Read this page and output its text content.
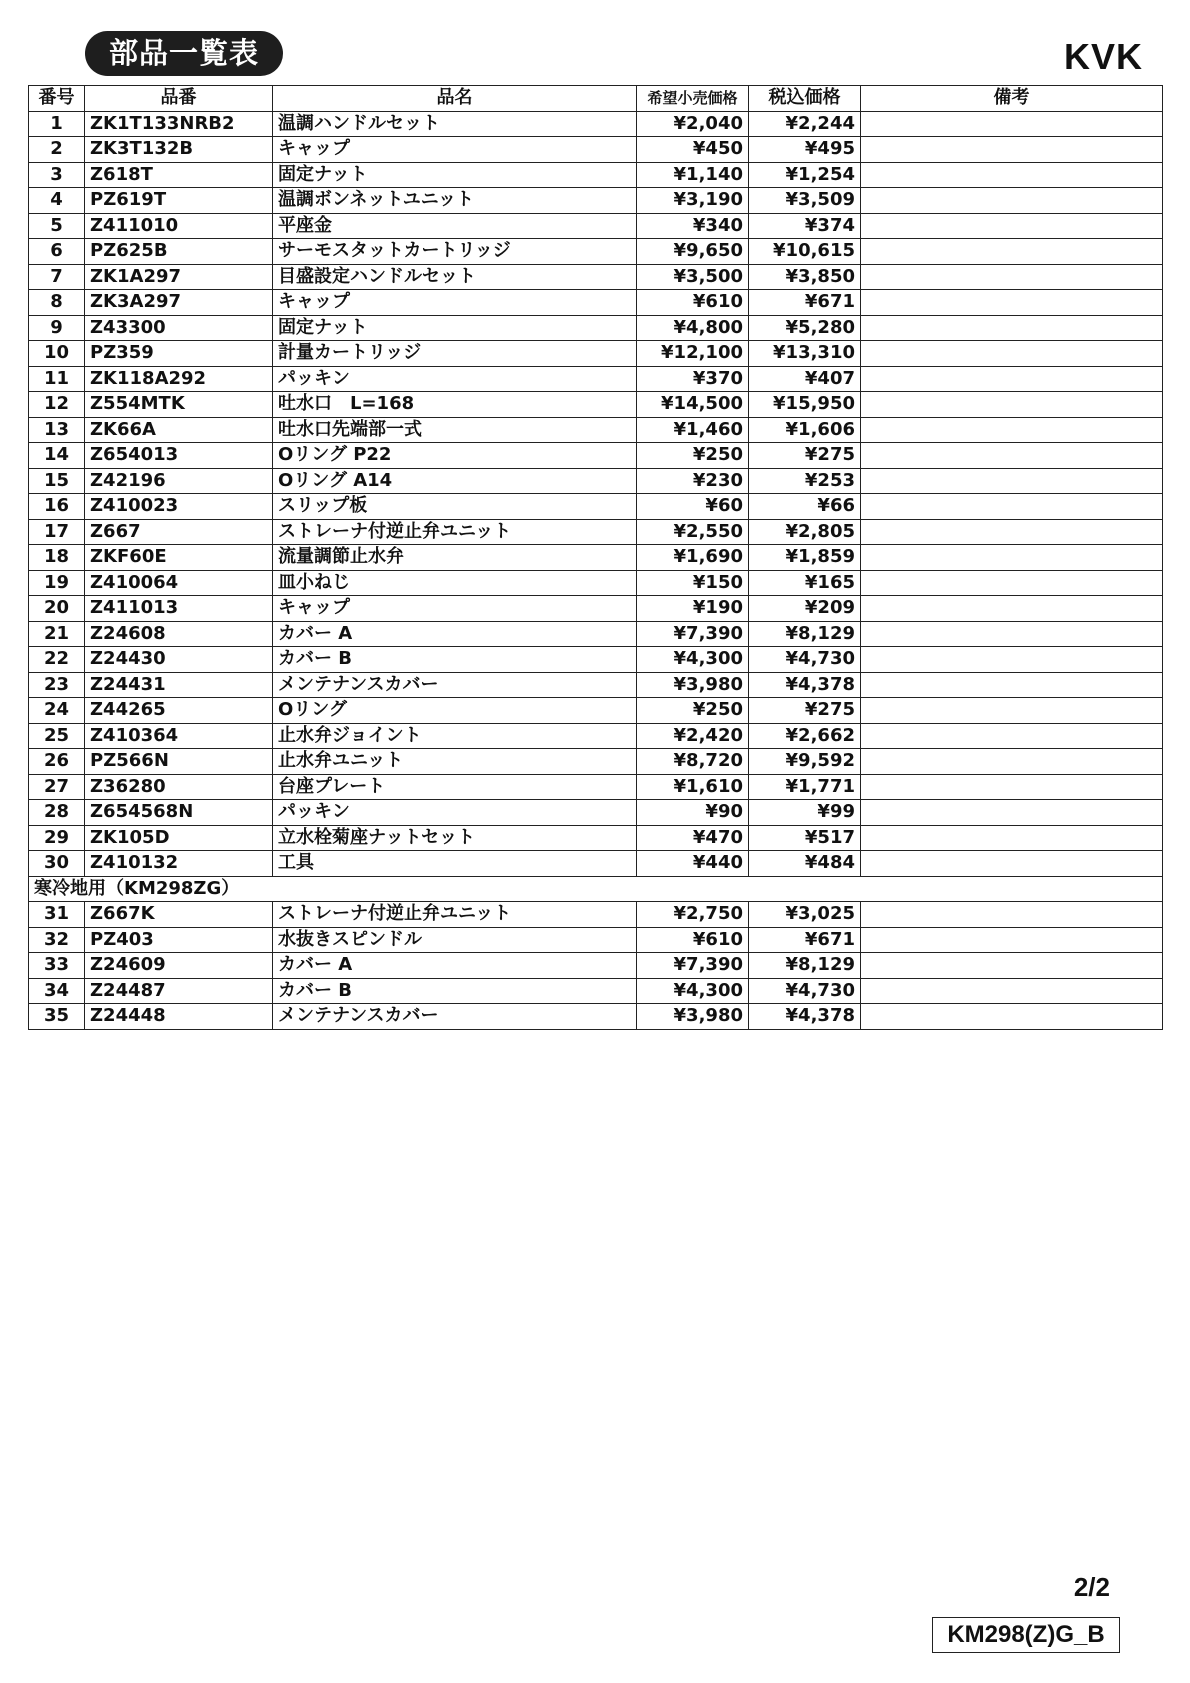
部品一覧表	KVK
番号	品番	品名	希望小売価格	税込価格	備考
1	ZK1T133NRB2	温調ハンドルセット	¥2,040	¥2,244	
2	ZK3T132B	キャップ	¥450	¥495	
3	Z618T	固定ナット	¥1,140	¥1,254	
4	PZ619T	温調ボンネットユニット	¥3,190	¥3,509	
5	Z411010	平座金	¥340	¥374	
6	PZ625B	サーモスタットカートリッジ	¥9,650	¥10,615	
7	ZK1A297	目盛設定ハンドルセット	¥3,500	¥3,850	
8	ZK3A297	キャップ	¥610	¥671	
9	Z43300	固定ナット	¥4,800	¥5,280	
10	PZ359	計量カートリッジ	¥12,100	¥13,310	
11	ZK118A292	パッキン	¥370	¥407	
12	Z554MTK	吐水口　L=168	¥14,500	¥15,950	
13	ZK66A	吐水口先端部一式	¥1,460	¥1,606	
14	Z654013	Oリング P22	¥250	¥275	
15	Z42196	Oリング A14	¥230	¥253	
16	Z410023	スリップ板	¥60	¥66	
17	Z667	ストレーナ付逆止弁ユニット	¥2,550	¥2,805	
18	ZKF60E	流量調節止水弁	¥1,690	¥1,859	
19	Z410064	皿小ねじ	¥150	¥165	
20	Z411013	キャップ	¥190	¥209	
21	Z24608	カバー A	¥7,390	¥8,129	
22	Z24430	カバー B	¥4,300	¥4,730	
23	Z24431	メンテナンスカバー	¥3,980	¥4,378	
24	Z44265	Oリング	¥250	¥275	
25	Z410364	止水弁ジョイント	¥2,420	¥2,662	
26	PZ566N	止水弁ユニット	¥8,720	¥9,592	
27	Z36280	台座プレート	¥1,610	¥1,771	
28	Z654568N	パッキン	¥90	¥99	
29	ZK105D	立水栓菊座ナットセット	¥470	¥517	
30	Z410132	工具	¥440	¥484	
寒冷地用（KM298ZG）					
31	Z667K	ストレーナ付逆止弁ユニット	¥2,750	¥3,025	
32	PZ403	水抜きスピンドル	¥610	¥671	
33	Z24609	カバー A	¥7,390	¥8,129	
34	Z24487	カバー B	¥4,300	¥4,730	
35	Z24448	メンテナンスカバー	¥3,980	¥4,378	
2/2
KM298(Z)G_B
